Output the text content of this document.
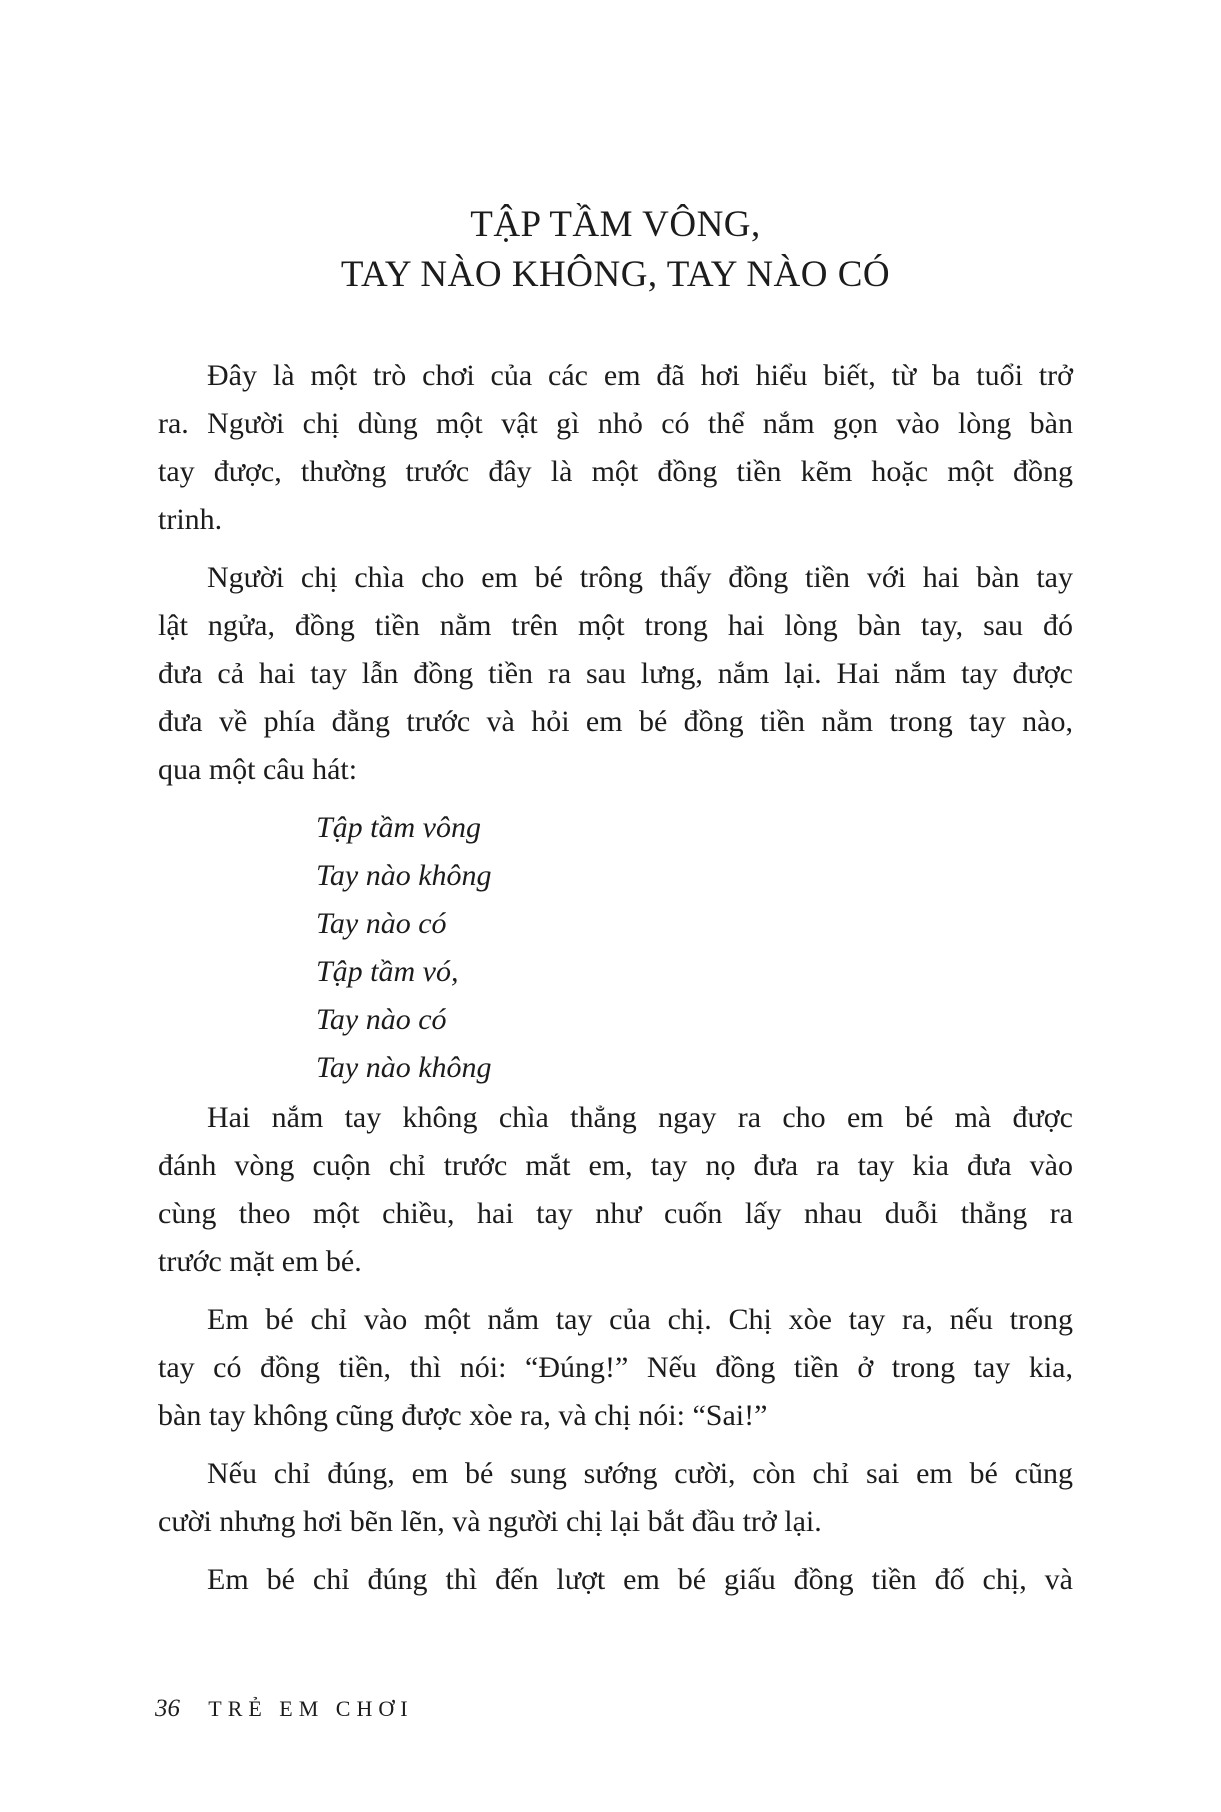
TẬP TẦM VÔNG,
TAY NÀO KHÔNG, TAY NÀO CÓ
Đây là một trò chơi của các em đã hơi hiểu biết, từ ba tuổi trở
ra. Người chị dùng một vật gì nhỏ có thể nắm gọn vào lòng bàn
tay được, thường trước đây là một đồng tiền kẽm hoặc một đồng
trinh.
Người chị chìa cho em bé trông thấy đồng tiền với hai bàn tay
lật ngửa, đồng tiền nằm trên một trong hai lòng bàn tay, sau đó
đưa cả hai tay lẫn đồng tiền ra sau lưng, nắm lại. Hai nắm tay được
đưa về phía đằng trước và hỏi em bé đồng tiền nằm trong tay nào,
qua một câu hát:
Tập tầm vông
Tay nào không
Tay nào có
Tập tầm vó,
Tay nào có
Tay nào không
Hai nắm tay không chìa thẳng ngay ra cho em bé mà được
đánh vòng cuộn chỉ trước mắt em, tay nọ đưa ra tay kia đưa vào
cùng theo một chiều, hai tay như cuốn lấy nhau duỗi thẳng ra
trước mặt em bé.
Em bé chỉ vào một nắm tay của chị. Chị xòe tay ra, nếu trong
tay có đồng tiền, thì nói: “Đúng!” Nếu đồng tiền ở trong tay kia,
bàn tay không cũng được xòe ra, và chị nói: “Sai!”
Nếu chỉ đúng, em bé sung sướng cười, còn chỉ sai em bé cũng
cười nhưng hơi bẽn lẽn, và người chị lại bắt đầu trở lại.
Em bé chỉ đúng thì đến lượt em bé giấu đồng tiền đố chị, và
36 TRẺ EM CHƠI
